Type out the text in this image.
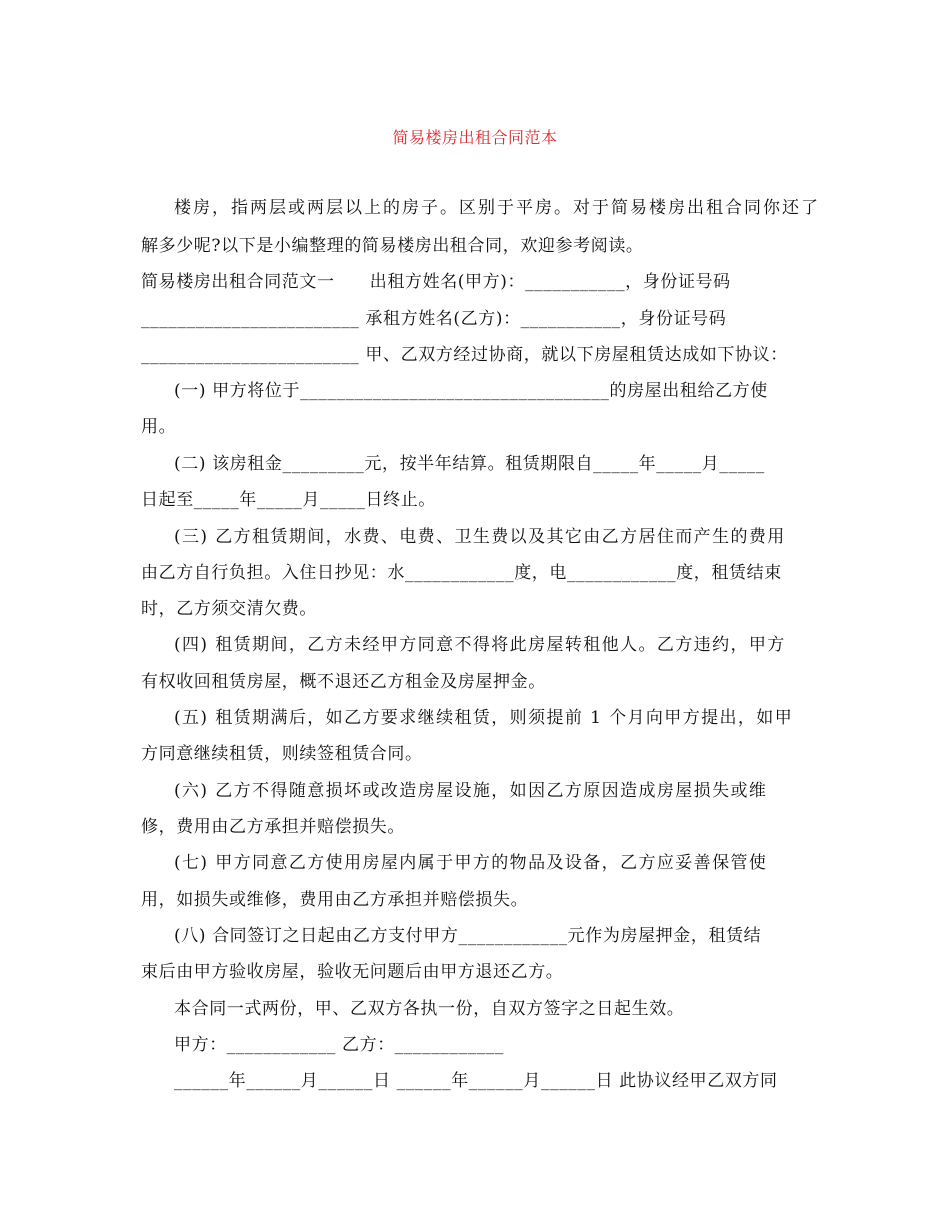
简易楼房出租合同范本
楼房，指两层或两层以上的房子。区别于平房。对于简易楼房出租合同你还了
解多少呢?以下是小编整理的简易楼房出租合同，欢迎参考阅读。
简易楼房出租合同范文一　　出租方姓名(甲方)：___________，身份证号码
________________________ 承租方姓名(乙方)：___________，身份证号码
________________________ 甲、乙双方经过协商，就以下房屋租赁达成如下协议：
(一) 甲方将位于__________________________________的房屋出租给乙方使
用。
(二) 该房租金_________元，按半年结算。租赁期限自_____年_____月_____
日起至_____年_____月_____日终止。
(三) 乙方租赁期间，水费、电费、卫生费以及其它由乙方居住而产生的费用
由乙方自行负担。入住日抄见：水____________度，电____________度，租赁结束
时，乙方须交清欠费。
(四) 租赁期间，乙方未经甲方同意不得将此房屋转租他人。乙方违约，甲方
有权收回租赁房屋，概不退还乙方租金及房屋押金。
(五) 租赁期满后，如乙方要求继续租赁，则须提前 1 个月向甲方提出，如甲
方同意继续租赁，则续签租赁合同。
(六) 乙方不得随意损坏或改造房屋设施，如因乙方原因造成房屋损失或维
修，费用由乙方承担并赔偿损失。
(七) 甲方同意乙方使用房屋内属于甲方的物品及设备，乙方应妥善保管使
用，如损失或维修，费用由乙方承担并赔偿损失。
(八) 合同签订之日起由乙方支付甲方____________元作为房屋押金，租赁结
束后由甲方验收房屋，验收无问题后由甲方退还乙方。
本合同一式两份，甲、乙双方各执一份，自双方签字之日起生效。
甲方：____________ 乙方：____________
______年______月______日 ______年______月______日 此协议经甲乙双方同
